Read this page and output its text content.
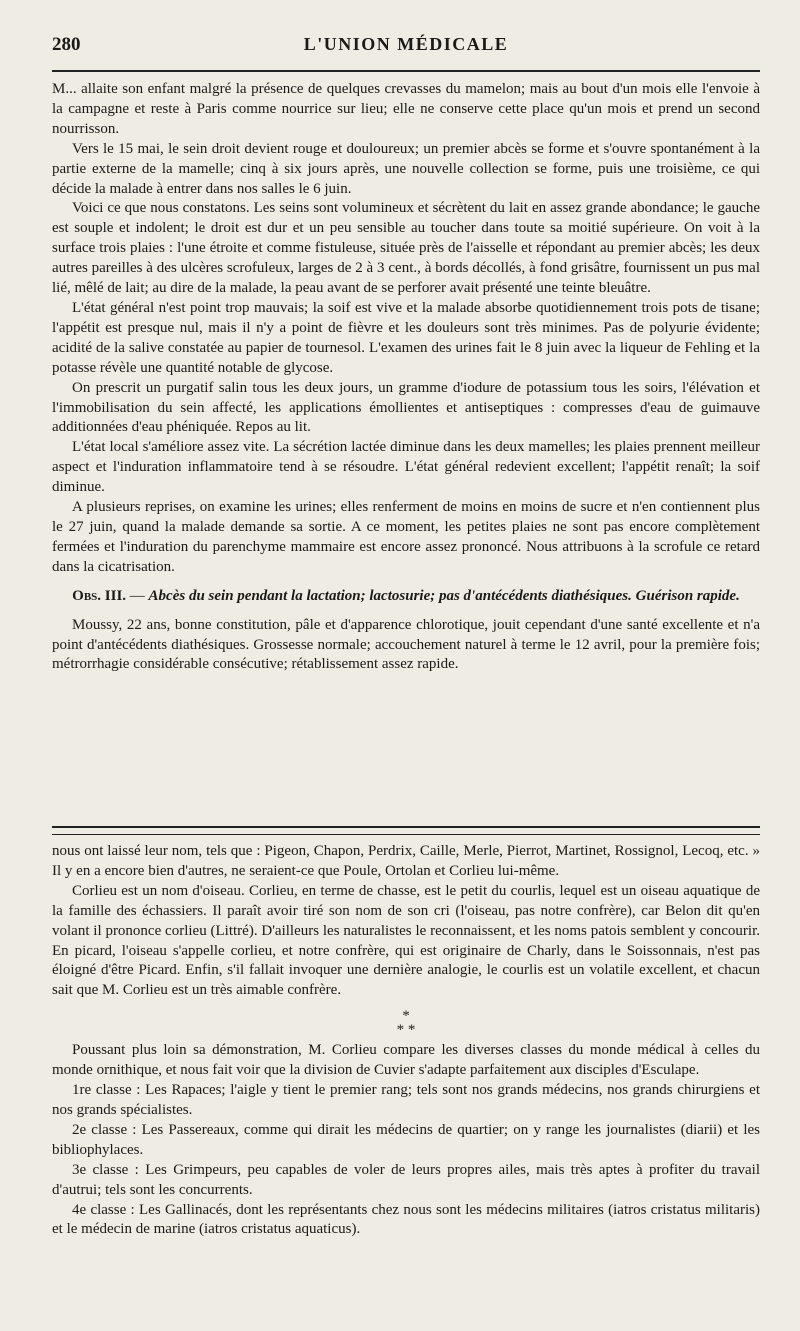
280	L'UNION MÉDICALE

M... allaite son enfant malgré la présence de quelques crevasses du mamelon; mais au bout d'un mois elle l'envoie à la campagne et reste à Paris comme nourrice sur lieu; elle ne conserve cette place qu'un mois et prend un second nourrisson.

Vers le 15 mai, le sein droit devient rouge et douloureux; un premier abcès se forme et s'ouvre spontanément à la partie externe de la mamelle; cinq à six jours après, une nouvelle collection se forme, puis une troisième, ce qui décide la malade à entrer dans nos salles le 6 juin.

Voici ce que nous constatons. Les seins sont volumineux et sécrètent du lait en assez grande abondance; le gauche est souple et indolent; le droit est dur et un peu sensible au toucher dans toute sa moitié supérieure. On voit à la surface trois plaies : l'une étroite et comme fistuleuse, située près de l'aisselle et répondant au premier abcès; les deux autres pareilles à des ulcères scrofuleux, larges de 2 à 3 cent., à bords décollés, à fond grisâtre, fournissent un pus mal lié, mêlé de lait; au dire de la malade, la peau avant de se perforer avait présenté une teinte bleuâtre.

L'état général n'est point trop mauvais; la soif est vive et la malade absorbe quotidiennement trois pots de tisane; l'appétit est presque nul, mais il n'y a point de fièvre et les douleurs sont très minimes. Pas de polyurie évidente; acidité de la salive constatée au papier de tournesol. L'examen des urines fait le 8 juin avec la liqueur de Fehling et la potasse révèle une quantité notable de glycose.

On prescrit un purgatif salin tous les deux jours, un gramme d'iodure de potassium tous les soirs, l'élévation et l'immobilisation du sein affecté, les applications émollientes et antiseptiques : compresses d'eau de guimauve additionnées d'eau phéniquée. Repos au lit.

L'état local s'améliore assez vite. La sécrétion lactée diminue dans les deux mamelles; les plaies prennent meilleur aspect et l'induration inflammatoire tend à se résoudre. L'état général redevient excellent; l'appétit renaît; la soif diminue.

A plusieurs reprises, on examine les urines; elles renferment de moins en moins de sucre et n'en contiennent plus le 27 juin, quand la malade demande sa sortie. A ce moment, les petites plaies ne sont pas encore complètement fermées et l'induration du parenchyme mammaire est encore assez prononcé. Nous attribuons à la scrofule ce retard dans la cicatrisation.

Obs. III. — Abcès du sein pendant la lactation; lactosurie; pas d'antécédents diathésiques. Guérison rapide.

Moussy, 22 ans, bonne constitution, pâle et d'apparence chlorotique, jouit cependant d'une santé excellente et n'a point d'antécédents diathésiques. Grossesse normale; accouchement naturel à terme le 12 avril, pour la première fois; métrorrhagie considérable consécutive; rétablissement assez rapide.

nous ont laissé leur nom, tels que : Pigeon, Chapon, Perdrix, Caille, Merle, Pierrot, Martinet, Rossignol, Lecoq, etc. » Il y en a encore bien d'autres, ne seraient-ce que Poule, Ortolan et Corlieu lui-même.

Corlieu est un nom d'oiseau. Corlieu, en terme de chasse, est le petit du courlis, lequel est un oiseau aquatique de la famille des échassiers. Il paraît avoir tiré son nom de son cri (l'oiseau, pas notre confrère), car Belon dit qu'en volant il prononce corlieu (Littré). D'ailleurs les naturalistes le reconnaissent, et les noms patois semblent y concourir. En picard, l'oiseau s'appelle corlieu, et notre confrère, qui est originaire de Charly, dans le Soissonnais, n'est pas éloigné d'être Picard. Enfin, s'il fallait invoquer une dernière analogie, le courlis est un volatile excellent, et chacun sait que M. Corlieu est un très aimable confrère.

*
* *

Poussant plus loin sa démonstration, M. Corlieu compare les diverses classes du monde médical à celles du monde ornithique, et nous fait voir que la division de Cuvier s'adapte parfaitement aux disciples d'Esculape.

1re classe : Les Rapaces; l'aigle y tient le premier rang; tels sont nos grands médecins, nos grands chirurgiens et nos grands spécialistes.

2e classe : Les Passereaux, comme qui dirait les médecins de quartier; on y range les journalistes (diarii) et les bibliophylaces.

3e classe : Les Grimpeurs, peu capables de voler de leurs propres ailes, mais très aptes à profiter du travail d'autrui; tels sont les concurrents.

4e classe : Les Gallinacés, dont les représentants chez nous sont les médecins militaires (iatros cristatus militaris) et le médecin de marine (iatros cristatus aquaticus).
